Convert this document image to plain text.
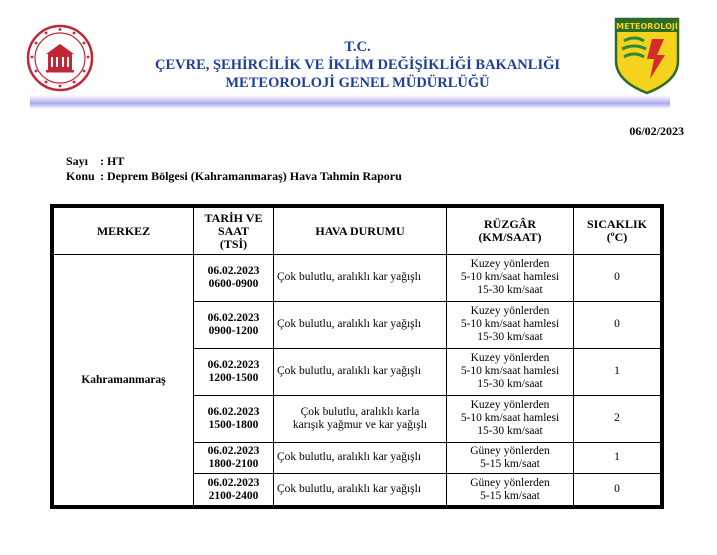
METEOROLOJİ
T.C.
ÇEVRE, ŞEHİRCİLİK VE İKLİM DEĞİŞİKLİĞİ BAKANLIĞI
METEOROLOJİ GENEL MÜDÜRLÜĞÜ
06/02/2023
Sayı : HT
Konu : Deprem Bölgesi (Kahramanmaraş) Hava Tahmin Raporu
MERKEZ	TARİH VE
SAAT
(TSİ)	HAVA DURUMU	RÜZGÂR
(KM/SAAT)	SICAKLIK
(ºC)
Kahramanmaraş	06.02.2023
0600-0900	Çok bulutlu, aralıklı kar yağışlı	Kuzey yönlerden
5-10 km/saat hamlesi
15-30 km/saat	0
	06.02.2023
0900-1200	Çok bulutlu, aralıklı kar yağışlı	Kuzey yönlerden
5-10 km/saat hamlesi
15-30 km/saat	0
	06.02.2023
1200-1500	Çok bulutlu, aralıklı kar yağışlı	Kuzey yönlerden
5-10 km/saat hamlesi
15-30 km/saat	1
	06.02.2023
1500-1800	Çok bulutlu, aralıklı karla
karışık yağmur ve kar yağışlı	Kuzey yönlerden
5-10 km/saat hamlesi
15-30 km/saat	2
	06.02.2023
1800-2100	Çok bulutlu, aralıklı kar yağışlı	Güney yönlerden
5-15 km/saat	1
	06.02.2023
2100-2400	Çok bulutlu, aralıklı kar yağışlı	Güney yönlerden
5-15 km/saat	0
